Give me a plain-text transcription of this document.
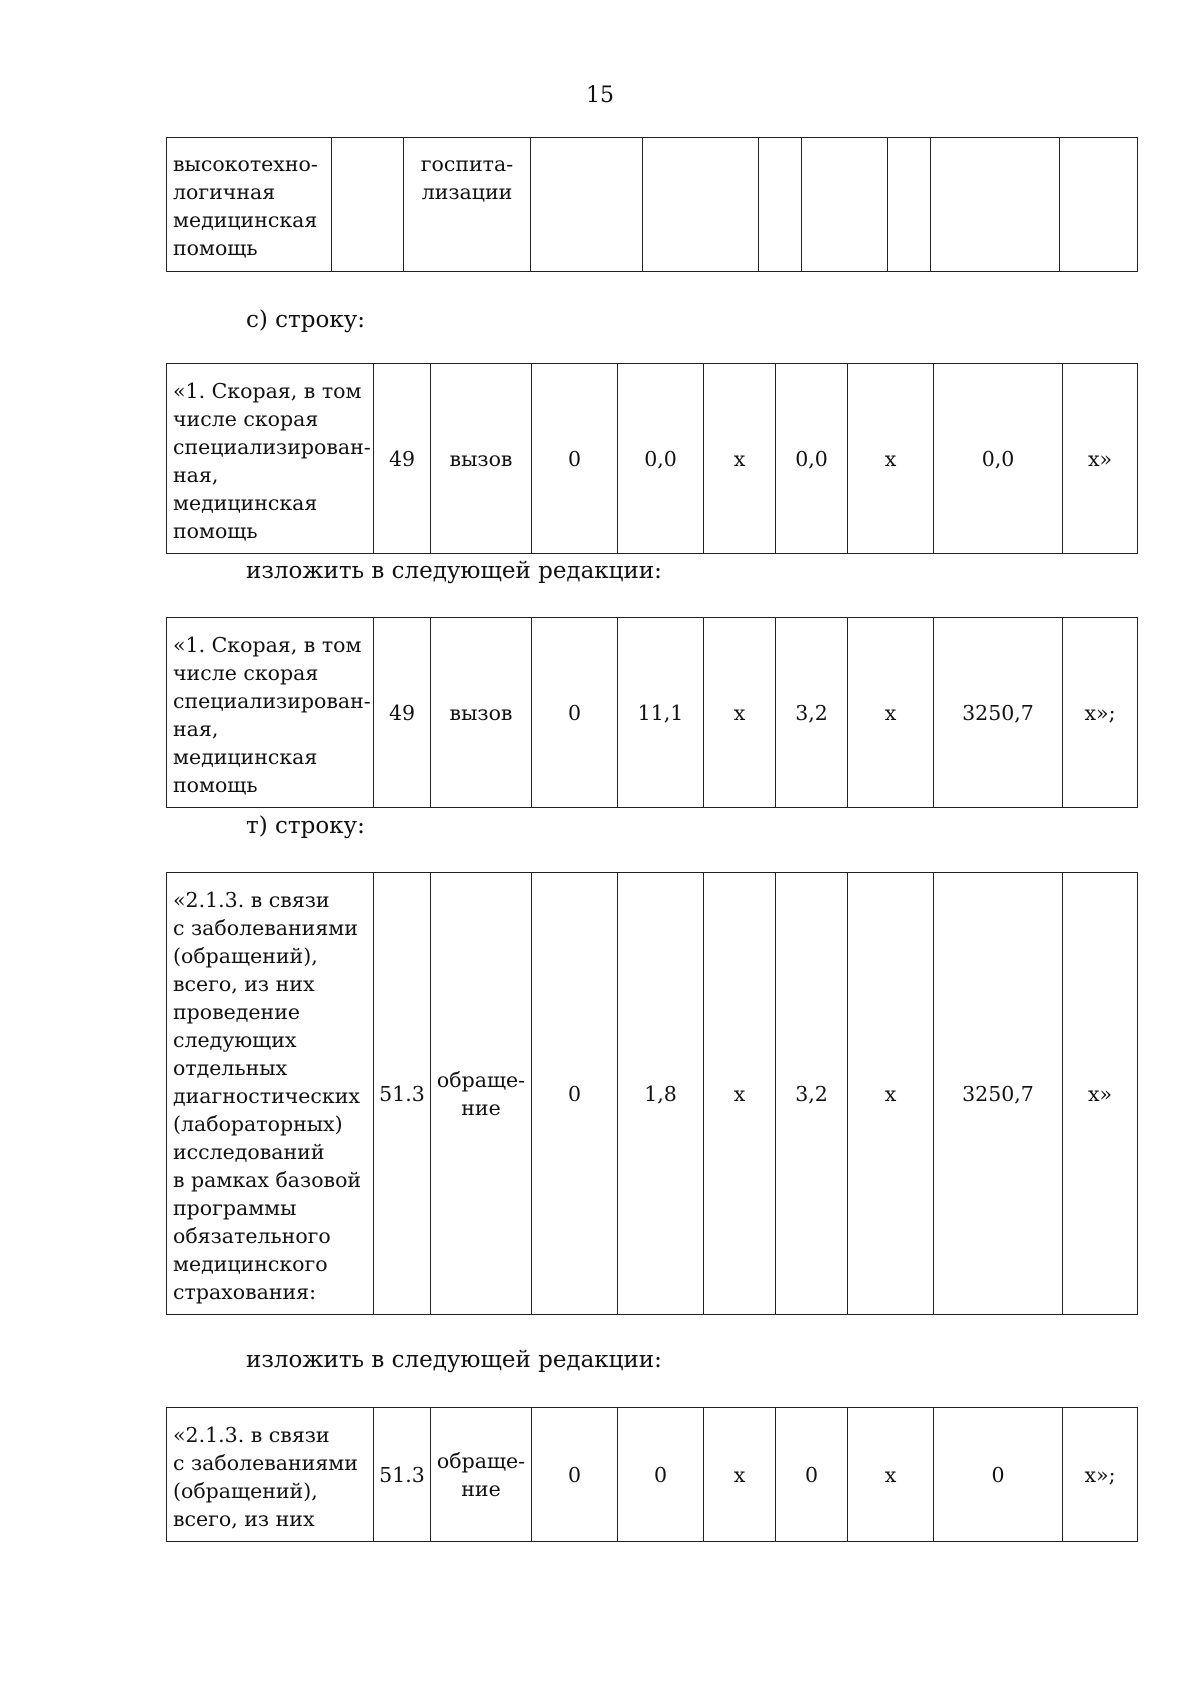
15
высокотехно-
логичная
медицинская
помощь		госпита-
лизации							
с) строку:
«1. Скорая, в том
числе скорая
специализирован-
ная, медицинская
помощь	49	вызов	0	0,0	х	0,0	х	0,0	х»
изложить в следующей редакции:
«1. Скорая, в том
числе скорая
специализирован-
ная, медицинская
помощь	49	вызов	0	11,1	х	3,2	х	3250,7	х»;
т) строку:
«2.1.3. в связи
с заболеваниями
(обращений),
всего, из них
проведение
следующих
отдельных
диагностических
(лабораторных)
исследований
в рамках базовой
программы
обязательного
медицинского
страхования:	51.3	обраще-
ние	0	1,8	х	3,2	х	3250,7	х»
изложить в следующей редакции:
«2.1.3. в связи
с заболеваниями
(обращений),
всего, из них	51.3	обраще-
ние	0	0	х	0	х	0	х»;
